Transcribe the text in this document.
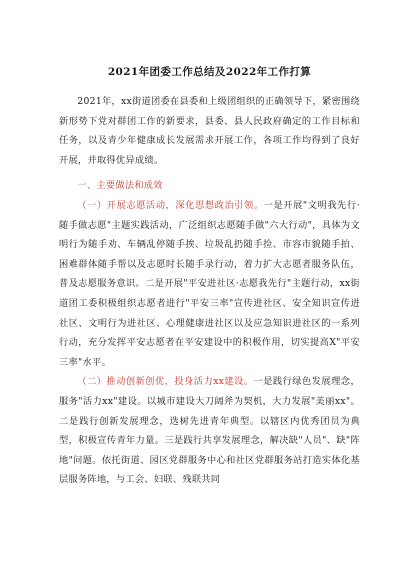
2021年团委工作总结及2022年工作打算

2021年，xx街道团委在县委和上级团组织的正确领导下，紧密围绕新形势下党对群团工作的新要求，县委、县人民政府确定的工作目标和任务，以及青少年健康成长发展需求开展工作，各项工作均得到了良好开展，并取得优异成绩。

一、主要做法和成效

（一）开展志愿活动，深化思想政治引领。一是开展"文明我先行·随手做志愿"主题实践活动，广泛组织志愿随手做"六大行动"，具体为文明行为随手劝、车辆乱停随手挨、垃圾乱扔随手捡、市容市貌随手拍、困难群体随手帮以及志愿时长随手录行动，着力扩大志愿者服务队伍，普及志愿服务意识。二是开展"平安进社区·志愿我先行"主题行动，xx街道团工委积极组织志愿者进行"平安三率"宣传进社区、安全知识宣传进社区、文明行为进社区、心理健康进社区以及应急知识进社区的一系列行动，充分发挥平安志愿者在平安建设中的积极作用，切实提高X"平安三率"水平。

（二）推动创新创优，投身活力xx建设。一是践行绿色发展理念，服务"活力xx"建设。以城市建设大刀阔斧为契机，大力发展"美丽xx"。二是践行创新发展理念，选树先进青年典型。以辖区内优秀团员为典型，积极宣传青年力量。三是践行共享发展理念，解决缺"人员"、缺"阵地"问题。依托街道、园区党群服务中心和社区党群服务站打造实体化基层服务阵地，与工会、妇联、残联共同
